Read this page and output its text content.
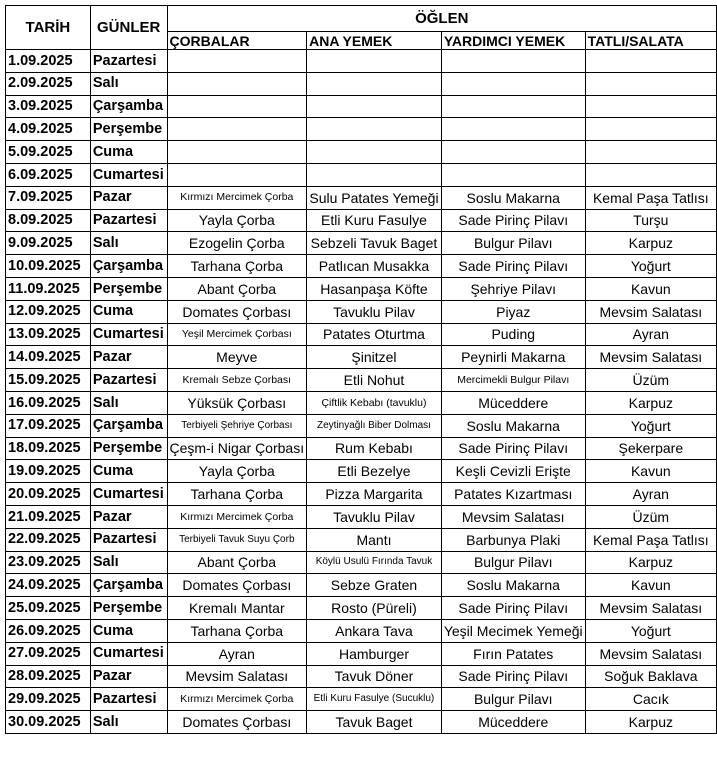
TARİH	GÜNLER	ÖĞLEN			
		ÇORBALAR	ANA YEMEK	YARDIMCI YEMEK	TATLI/SALATA
1.09.2025	Pazartesi				
2.09.2025	Salı				
3.09.2025	Çarşamba				
4.09.2025	Perşembe				
5.09.2025	Cuma				
6.09.2025	Cumartesi				
7.09.2025	Pazar	Kırmızı Mercimek Çorba	Sulu Patates Yemeği	Soslu Makarna	Kemal Paşa Tatlısı
8.09.2025	Pazartesi	Yayla Çorba	Etli Kuru Fasulye	Sade Pirinç Pilavı	Turşu
9.09.2025	Salı	Ezogelin Çorba	Sebzeli Tavuk Baget	Bulgur Pilavı	Karpuz
10.09.2025	Çarşamba	Tarhana Çorba	Patlıcan Musakka	Sade Pirinç Pilavı	Yoğurt
11.09.2025	Perşembe	Abant Çorba	Hasanpaşa Köfte	Şehriye Pilavı	Kavun
12.09.2025	Cuma	Domates Çorbası	Tavuklu Pilav	Piyaz	Mevsim Salatası
13.09.2025	Cumartesi	Yeşil Mercimek Çorbası	Patates Oturtma	Puding	Ayran
14.09.2025	Pazar	Meyve	Şinitzel	Peynirli Makarna	Mevsim Salatası
15.09.2025	Pazartesi	Kremalı Sebze Çorbası	Etli Nohut	Mercimekli Bulgur Pilavı	Üzüm
16.09.2025	Salı	Yüksük Çorbası	Çiftlik Kebabı (tavuklu)	Müceddere	Karpuz
17.09.2025	Çarşamba	Terbiyeli Şehriye Çorbası	Zeytinyağlı Biber Dolması	Soslu Makarna	Yoğurt
18.09.2025	Perşembe	Çeşm-i Nigar Çorbası	Rum Kebabı	Sade Pirinç Pilavı	Şekerpare
19.09.2025	Cuma	Yayla Çorba	Etli Bezelye	Keşli Cevizli Erişte	Kavun
20.09.2025	Cumartesi	Tarhana Çorba	Pizza Margarita	Patates Kızartması	Ayran
21.09.2025	Pazar	Kırmızı Mercimek Çorba	Tavuklu Pilav	Mevsim Salatası	Üzüm
22.09.2025	Pazartesi	Terbiyeli Tavuk Suyu Çorb	Mantı	Barbunya Plaki	Kemal Paşa Tatlısı
23.09.2025	Salı	Abant Çorba	Köylü Usulü Fırında Tavuk	Bulgur Pilavı	Karpuz
24.09.2025	Çarşamba	Domates Çorbası	Sebze Graten	Soslu Makarna	Kavun
25.09.2025	Perşembe	Kremalı Mantar	Rosto (Püreli)	Sade Pirinç Pilavı	Mevsim Salatası
26.09.2025	Cuma	Tarhana Çorba	Ankara Tava	Yeşil Mecimek Yemeği	Yoğurt
27.09.2025	Cumartesi	Ayran	Hamburger	Fırın Patates	Mevsim Salatası
28.09.2025	Pazar	Mevsim Salatası	Tavuk Döner	Sade Pirinç Pilavı	Soğuk Baklava
29.09.2025	Pazartesi	Kırmızı Mercimek Çorba	Etli Kuru Fasulye (Sucuklu)	Bulgur Pilavı	Cacık
30.09.2025	Salı	Domates Çorbası	Tavuk Baget	Müceddere	Karpuz
